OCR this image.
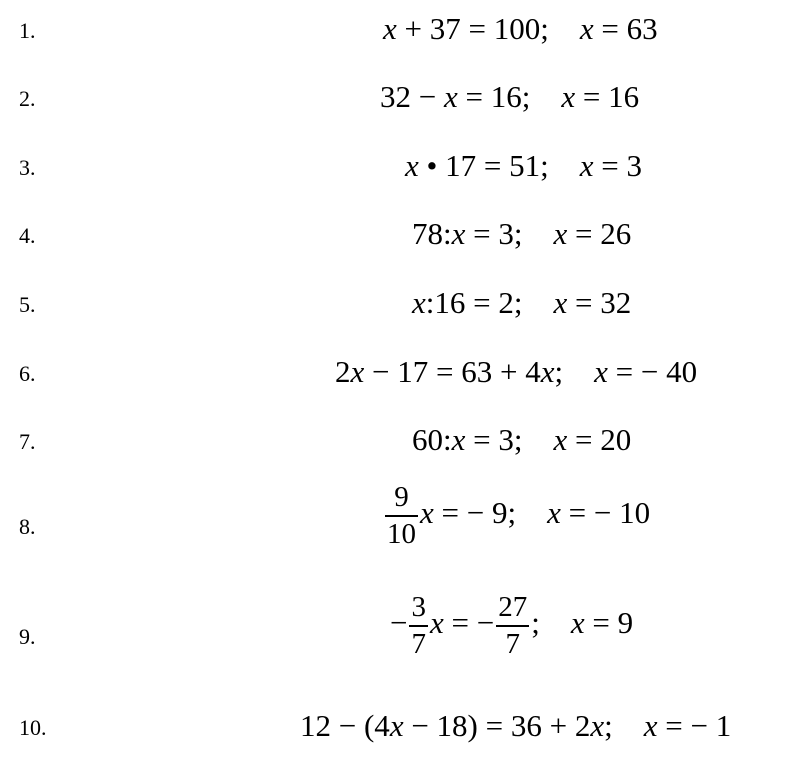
1.	x + 37 = 100; x = 63
2.	32 − x = 16; x = 16
3.	x • 17 = 51; x = 3
4.	78:x = 3; x = 26
5.	x:16 = 2; x = 32
6.	2x − 17 = 63 + 4x; x = − 40
7.	60:x = 3; x = 20
8.	$\frac{9}{10}$ x = − 9; x = − 10
9.	− $\frac{3}{7}$ x = − $\frac{27}{7}$ ; x = 9
10.	12 − (4x − 18) = 36 + 2x; x = − 1
